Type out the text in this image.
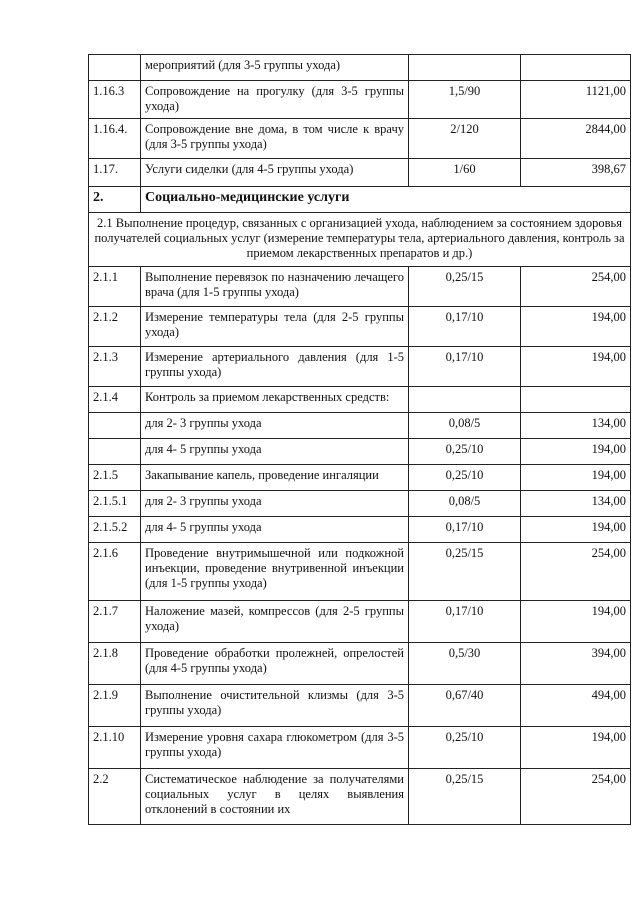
	мероприятий (для 3-5 группы ухода)		
1.16.3	Сопровождение на прогулку (для 3-5 группы ухода)	1,5/90	1121,00
1.16.4.	Сопровождение вне дома, в том числе к врачу (для 3-5 группы ухода)	2/120	2844,00
1.17.	Услуги сиделки (для 4-5 группы ухода)	1/60	398,67
2.	Социально-медицинские услуги		
2.1 Выполнение процедур, связанных с организацией ухода, наблюдением за состоянием здоровья получателей социальных услуг (измерение температуры тела, артериального давления, контроль за приемом лекарственных препаратов и др.)			
2.1.1	Выполнение перевязок по назначению лечащего врача (для 1-5 группы ухода)	0,25/15	254,00
2.1.2	Измерение температуры тела (для 2-5 группы ухода)	0,17/10	194,00
2.1.3	Измерение артериального давления (для 1-5 группы ухода)	0,17/10	194,00
2.1.4	Контроль за приемом лекарственных средств:		
	для 2- 3 группы ухода	0,08/5	134,00
	для 4- 5 группы ухода	0,25/10	194,00
2.1.5	Закапывание капель, проведение ингаляции	0,25/10	194,00
2.1.5.1	для 2- 3 группы ухода	0,08/5	134,00
2.1.5.2	для 4- 5 группы ухода	0,17/10	194,00
2.1.6	Проведение внутримышечной или подкожной инъекции, проведение внутривенной инъекции (для 1-5 группы ухода)	0,25/15	254,00
2.1.7	Наложение мазей, компрессов (для 2-5 группы ухода)	0,17/10	194,00
2.1.8	Проведение обработки пролежней, опрелостей (для 4-5 группы ухода)	0,5/30	394,00
2.1.9	Выполнение очистительной клизмы (для 3-5 группы ухода)	0,67/40	494,00
2.1.10	Измерение уровня сахара глюкометром (для 3-5 группы ухода)	0,25/10	194,00
2.2	Систематическое наблюдение за получателями социальных услуг в целях выявления отклонений в состоянии их	0,25/15	254,00
